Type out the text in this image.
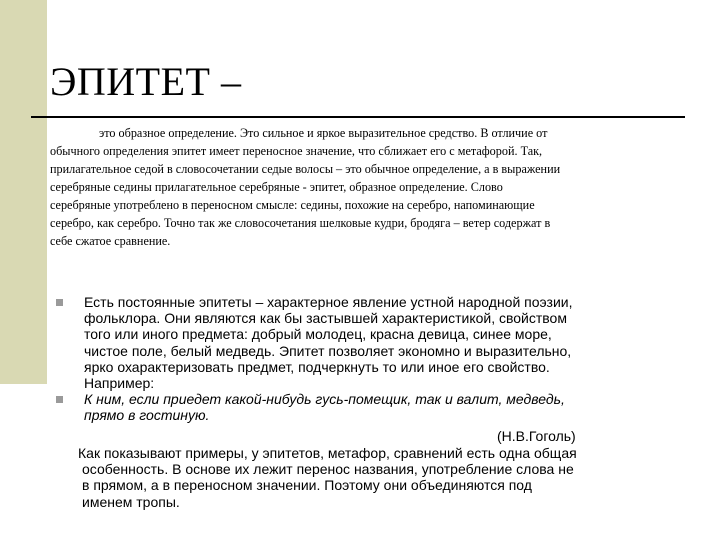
ЭПИТЕТ –

это образное определение. Это сильное и яркое выразительное средство. В отличие от

обычного определения эпитет имеет переносное значение, что сближает его с метафорой. Так,

прилагательное седой в словосочетании седые волосы – это обычное определение, а в выражении

серебряные седины прилагательное серебряные - эпитет, образное определение. Слово

серебряные употреблено в переносном смысле: седины, похожие на серебро, напоминающие

серебро, как серебро. Точно так же словосочетания шелковые кудри, бродяга – ветер содержат в

себе сжатое сравнение.

Есть постоянные эпитеты – характерное явление устной народной поэзии,
фольклора. Они являются как бы застывшей характеристикой, свойством
того или иного предмета: добрый молодец, красна девица, синее море,
чистое поле, белый медведь. Эпитет позволяет экономно и выразительно,
ярко охарактеризовать предмет, подчеркнуть то или иное его свойство.
Например:
К ним, если приедет какой-нибудь гусь-помещик, так и валит, медведь,
прямо в гостиную.
(Н.В.Гоголь)
Как показывают примеры, у эпитетов, метафор, сравнений есть одна общая
особенность. В основе их лежит перенос названия, употребление слова не
в прямом, а в переносном значении. Поэтому они объединяются под
именем тропы.
